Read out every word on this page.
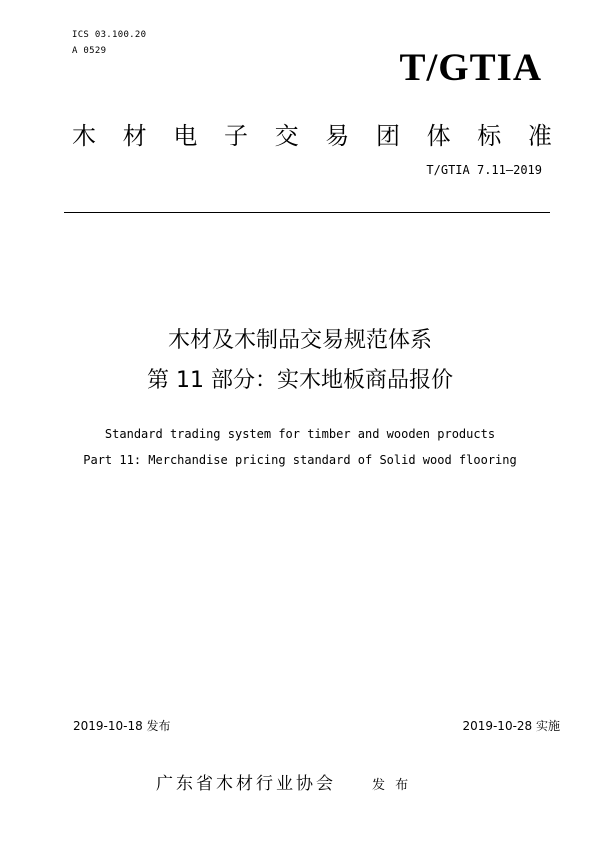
ICS 03.100.20
A 0529	T/GTIA
木 材 电 子 交 易 团 体 标 准
T/GTIA 7.11—2019
木材及木制品交易规范体系
第 11 部分：实木地板商品报价
Standard trading system for timber and wooden products
Part 11: Merchandise pricing standard of Solid wood flooring
2019-10-18 发布	2019-10-28 实施
广东省木材行业协会	发 布
